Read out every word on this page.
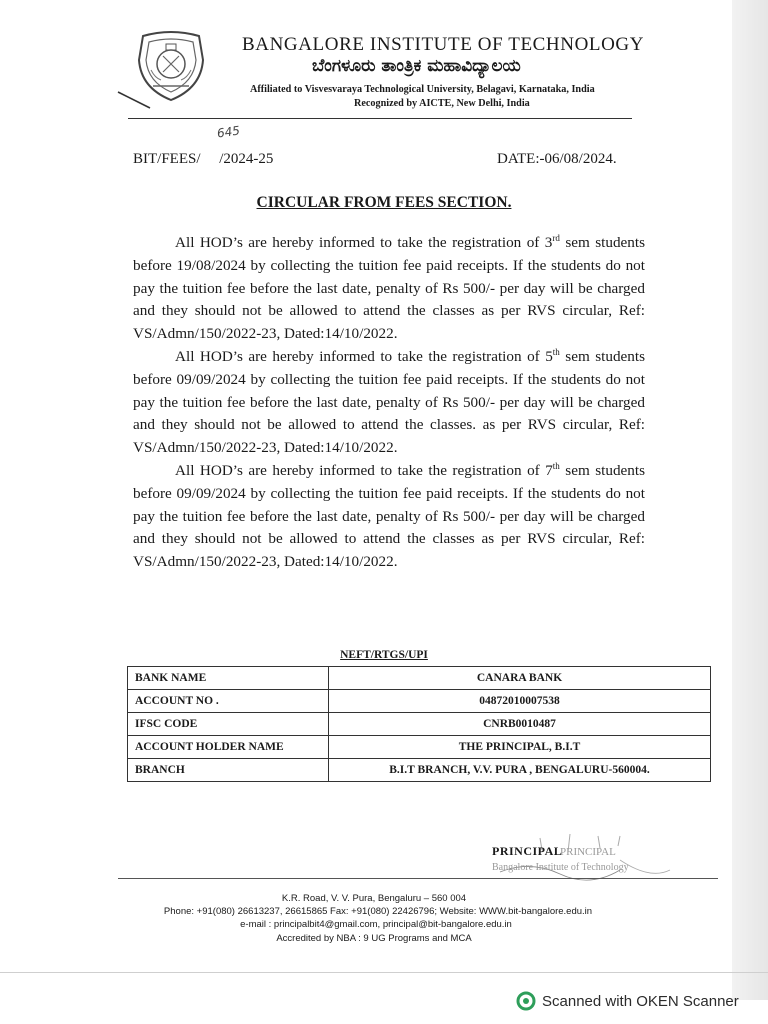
BANGALORE INSTITUTE OF TECHNOLOGY
ಬೆಂಗಳೂರು ತಾಂತ್ರಿಕ ಮಹಾವಿದ್ಯಾಲಯ
Affiliated to Visvesvaraya Technological University, Belagavi, Karnataka, India
Recognized by AICTE, New Delhi, India
645
BIT/FEES/     /2024-25	DATE:-06/08/2024.
CIRCULAR FROM FEES SECTION.

All HOD’s are hereby informed to take the registration of 3rd sem students before 19/08/2024 by collecting the tuition fee paid receipts. If the students do not pay the tuition fee before the last date, penalty of Rs 500/- per day will be charged and they should not be allowed to attend the classes as per RVS circular, Ref: VS/Admn/150/2022-23, Dated:14/10/2022.

All HOD’s are hereby informed to take the registration of 5th sem students before 09/09/2024 by collecting the tuition fee paid receipts. If the students do not pay the tuition fee before the last date, penalty of Rs 500/- per day will be charged and they should not be allowed to attend the classes. as per RVS circular, Ref: VS/Admn/150/2022-23, Dated:14/10/2022.

All HOD’s are hereby informed to take the registration of 7th sem students before 09/09/2024 by collecting the tuition fee paid receipts. If the students do not pay the tuition fee before the last date, penalty of Rs 500/- per day will be charged and they should not be allowed to attend the classes as per RVS circular, Ref: VS/Admn/150/2022-23, Dated:14/10/2022.

NEFT/RTGS/UPI
BANK NAME	CANARA BANK
ACCOUNT NO .	04872010007538
IFSC CODE	CNRB0010487
ACCOUNT HOLDER NAME	THE PRINCIPAL, B.I.T
BRANCH	B.I.T BRANCH, V.V. PURA , BENGALURU-560004.
PRINCIPAL
PRINCIPAL
Bangalore Institute of Technology
K.R. Road, V. V. Pura, Bengaluru – 560 004
Phone: +91(080) 26613237, 26615865 Fax: +91(080) 22426796; Website: WWW.bit-bangalore.edu.in
e-mail : principalbit4@gmail.com, principal@bit-bangalore.edu.in
Accredited by NBA : 9 UG Programs and MCA
Scanned with OKEN Scanner
